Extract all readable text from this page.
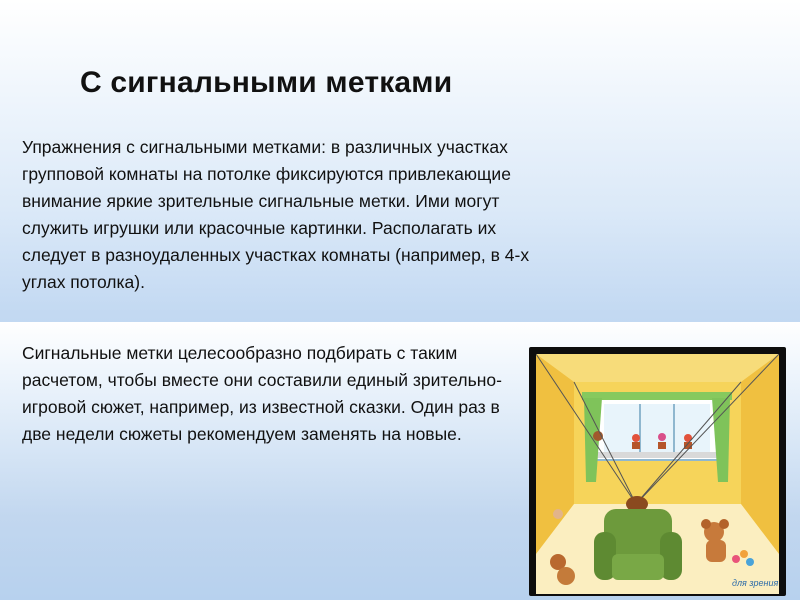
С сигнальными метками
Упражнения с сигнальными метками: в различных участках групповой комнаты на потолке фиксируются привлекающие внимание яркие зрительные сигнальные метки. Ими могут служить игрушки или красочные картинки. Располагать их следует в разноудаленных участках комнаты (например, в 4-х углах потолка).
Сигнальные метки целесообразно подбирать с таким расчетом, чтобы вместе они составили единый зрительно-игровой сюжет, например, из известной сказки. Один раз в две недели сюжеты рекомендуем заменять на новые.
для зрения
